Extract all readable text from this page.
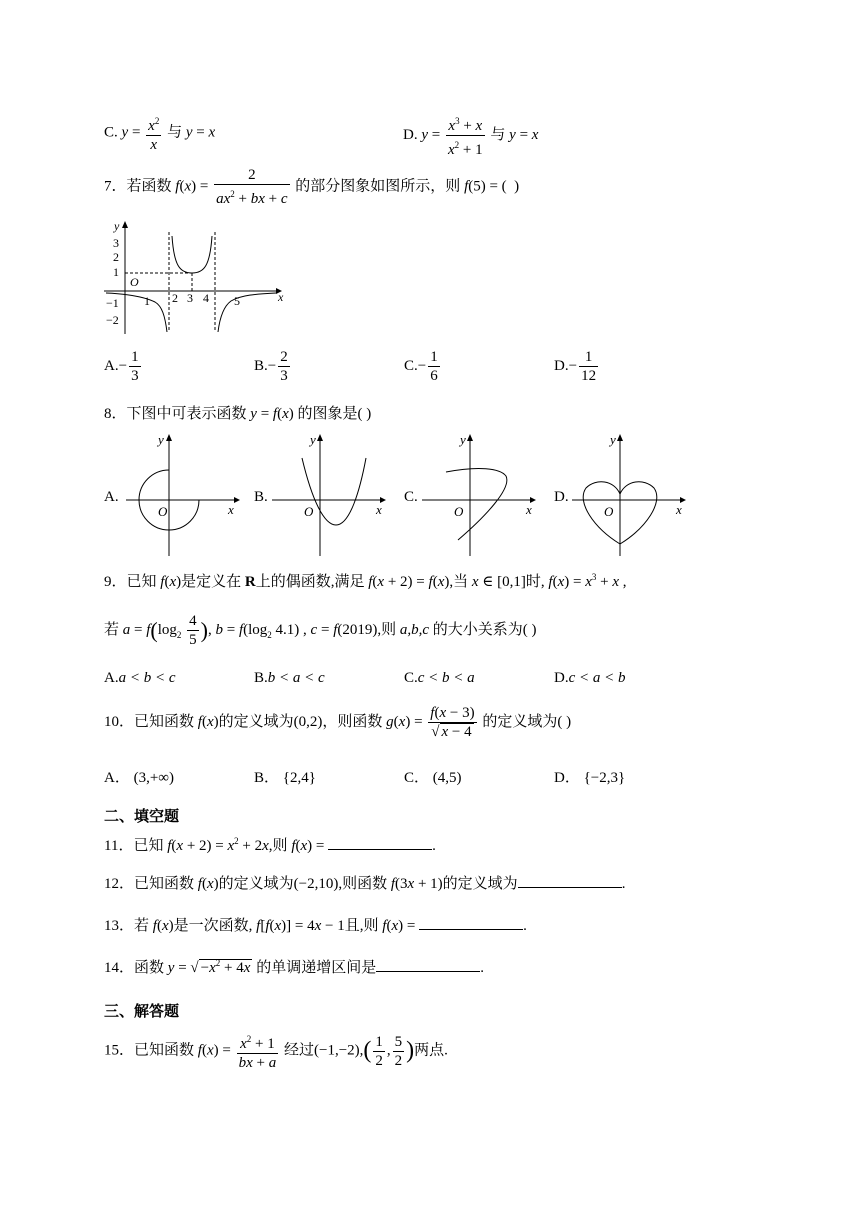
C. $y = \frac{x^2}{x}$ 与 y = x	D. $y = \frac{x^3 + x}{x^2 + 1}$ 与 y = x
7．若函数 $f(x) = \frac{2}{ax^2 + bx + c}$ 的部分图象如图所示，则 f(5) = (  )
y
x
O
3
2
1
−1
−2
1 2 3 4 5
$A.- \frac{1}{3}$	$B.- \frac{2}{3}$	$C.- \frac{1}{6}$	$D.- \frac{1}{12}$
8．下图中可表示函数 y = f(x) 的图象是( )
A.
y
x
O
B.
y
x
O
C.
y
x
O
D.
y
x
O
9．已知 f(x)是定义在 R上的偶函数,满足 f(x + 2) = f(x),当 x ∈ [0,1]时, $f(x) = x^3 + x$ ,
若 $a = f(\log_2 \frac{4}{5}$ ), $b = f(\log_2$ 4.1) , c = f(2019),则 a,b,c 的大小关系为( )
A.a < b < c	B.b < a < c	C.c < b < a	D.c < a < b
10．已知函数 f(x)的定义域为(0,2)，则函数 $g(x) = \frac{f(x - 3)}{√ x - 4}$ 的定义域为( )
A． (3,+∞)	B． {2,4}	C． (4,5)	D． {−2,3}
二、填空题
11．已知 $f(x + 2) = x^2 + 2x$,则 f(x) =	.
12．已知函数 f(x)的定义域为(−2,10),则函数 f(3x + 1)的定义域为	.
13．若 f(x)是一次函数, f[f(x)] = 4x − 1且,则 f(x) =	.
14．函数 y = √ $-x^2 + 4x$ 的单调递增区间是	.
三、解答题
15．已知函数 $f(x) = \frac{x^2 + 1}{bx + a}$ 经过$(-1,-2),( \frac{1}{2}$ , $\frac{5}{2}$ )两点.
